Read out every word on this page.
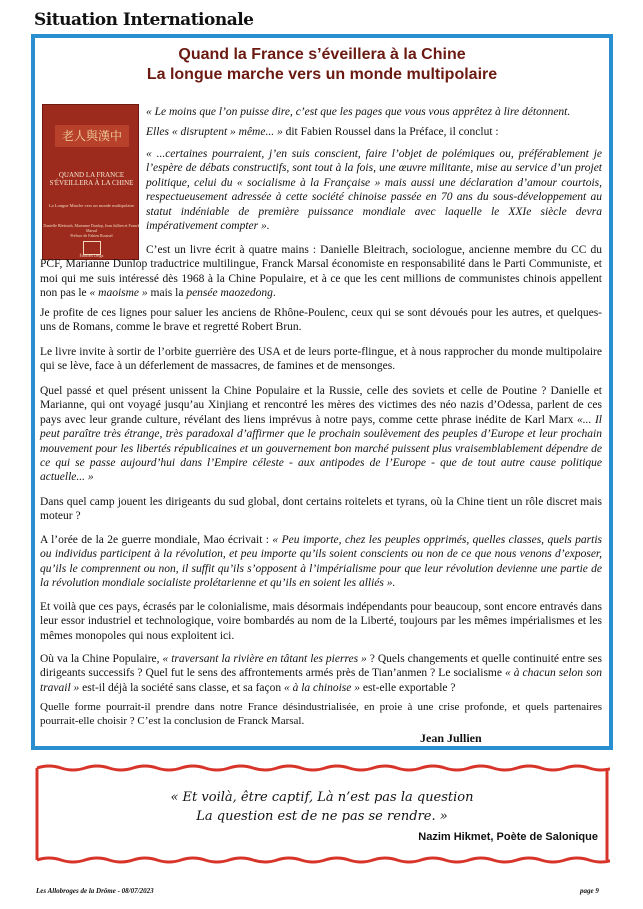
Situation Internationale
Quand la France s’éveillera à la Chine
La longue marche vers un monde multipolaire
老人與漢中
QUAND LA FRANCE S'ÉVEILLERA À LA CHINE
La Longue Marche vers un monde multipolaire
Danielle Bleitrach, Marianne Dunlop, Jean Jullien et Franck Marsal
Préface de Fabien Roussel
Éditions Delga

« Le moins que l’on puisse dire, c’est que les pages que vous vous apprêtez à lire détonnent.

Elles « disruptent » même... » dit Fabien Roussel dans la Préface, il conclut :

« ...certaines pourraient, j’en suis conscient, faire l’objet de polémiques ou, préférablement je l’espère de débats constructifs, sont tout à la fois, une œuvre militante, mise au service d’un projet politique, celui du « socialisme à la Française » mais aussi une déclaration d’amour courtois, respectueusement adressée à cette société chinoise passée en 70 ans du sous-développement au statut indéniable de première puissance mondiale avec laquelle le XXIe siècle devra impérativement compter ».

C’est un livre écrit à quatre mains : Danielle Bleitrach, sociologue, ancienne membre du CC du PCF, Marianne Dunlop traductrice multilingue, Franck Marsal économiste en responsabilité dans le Parti Communiste, et moi qui me suis intéressé dès 1968 à la Chine Populaire, et à ce que les cent millions de communistes chinois appellent non pas le « maoisme » mais la pensée maozedong.

Je profite de ces lignes pour saluer les anciens de Rhône-Poulenc, ceux qui se sont dévoués pour les autres, et quelques-uns de Romans, comme le brave et regretté Robert Brun.

Le livre invite à sortir de l’orbite guerrière des USA et de leurs porte-flingue, et à nous rapprocher du monde multipolaire qui se lève, face à un déferlement de massacres, de famines et de mensonges.

Quel passé et quel présent unissent la Chine Populaire et la Russie, celle des soviets et celle de Poutine ? Danielle et Marianne, qui ont voyagé jusqu’au Xinjiang et rencontré les mères des victimes des néo nazis d’Odessa, parlent de ces pays avec leur grande culture, révélant des liens imprévus à notre pays, comme cette phrase inédite de Karl Marx «... Il peut paraître très étrange, très paradoxal d’affirmer que le prochain soulèvement des peuples d’Europe et leur prochain mouvement pour les libertés républicaines et un gouvernement bon marché puissent plus vraisemblablement dépendre de ce qui se passe aujourd’hui dans l’Empire céleste - aux antipodes de l’Europe - que de tout autre cause politique actuelle... »

Dans quel camp jouent les dirigeants du sud global, dont certains roitelets et tyrans, où la Chine tient un rôle discret mais moteur ?

A l’orée de la 2e guerre mondiale, Mao écrivait : « Peu importe, chez les peuples opprimés, quelles classes, quels partis ou individus participent à la révolution, et peu importe qu’ils soient conscients ou non de ce que nous venons d’exposer, qu’ils le comprennent ou non, il suffit qu’ils s’opposent à l’impérialisme pour que leur révolution devienne une partie de la révolution mondiale socialiste prolétarienne et qu’ils en soient les alliés ».

Et voilà que ces pays, écrasés par le colonialisme, mais désormais indépendants pour beaucoup, sont encore entravés dans leur essor industriel et technologique, voire bombardés au nom de la Liberté, toujours par les mêmes impérialismes et les mêmes monopoles qui nous exploitent ici.

Où va la Chine Populaire, « traversant la rivière en tâtant les pierres » ? Quels changements et quelle continuité entre ses dirigeants successifs ? Quel fut le sens des affrontements armés près de Tian’anmen ? Le socialisme « à chacun selon son travail » est-il déjà la société sans classe, et sa façon « à la chinoise » est-elle exportable ?

Quelle forme pourrait-il prendre dans notre France désindustrialisée, en proie à une crise profonde, et quels partenaires pourrait-elle choisir ? C’est la conclusion de Franck Marsal.

Jean Jullien
« Et voilà, être captif, Là n’est pas la question
La question est de ne pas se rendre. »
Nazim Hikmet, Poète de Salonique
Les Allobroges de la Drôme - 08/07/2023	page 9
